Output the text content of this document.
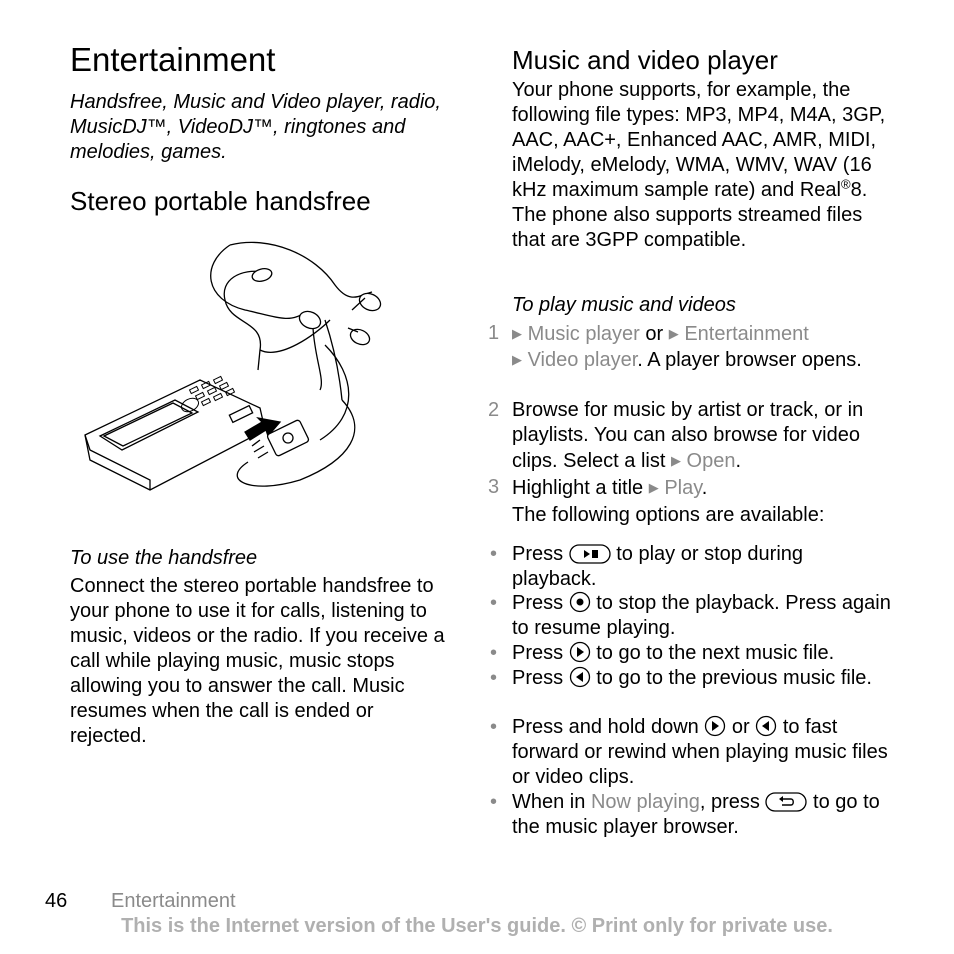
Entertainment
Handsfree, Music and Video player, radio, MusicDJ™, VideoDJ™, ringtones and melodies, games.
Stereo portable handsfree
To use the handsfree
Connect the stereo portable handsfree to your phone to use it for calls, listening to music, videos or the radio. If you receive a call while playing music, music stops allowing you to answer the call. Music resumes when the call is ended or rejected.
Music and video player
Your phone supports, for example, the following file types: MP3, MP4, M4A, 3GP, AAC, AAC+, Enhanced AAC, AMR, MIDI, iMelody, eMelody, WMA, WMV, WAV (16 kHz maximum sample rate) and Real®8. The phone also supports streamed files that are 3GPP compatible.
To play music and videos
1 ▶ Music player or ▶ Entertainment
▶ Video player. A player browser opens.
2 Browse for music by artist or track, or in playlists. You can also browse for video clips. Select a list ▶ Open.
3 Highlight a title ▶ Play.
The following options are available:
• Press	to play or stop during playback.
• Press to stop the playback. Press again to resume playing.
• Press to go to the next music file.
• Press to go to the previous music file.
• Press and hold down or to fast forward or rewind when playing music files or video clips.
• When in Now playing, press	to go to the music player browser.
46 Entertainment
This is the Internet version of the User's guide. © Print only for private use.
